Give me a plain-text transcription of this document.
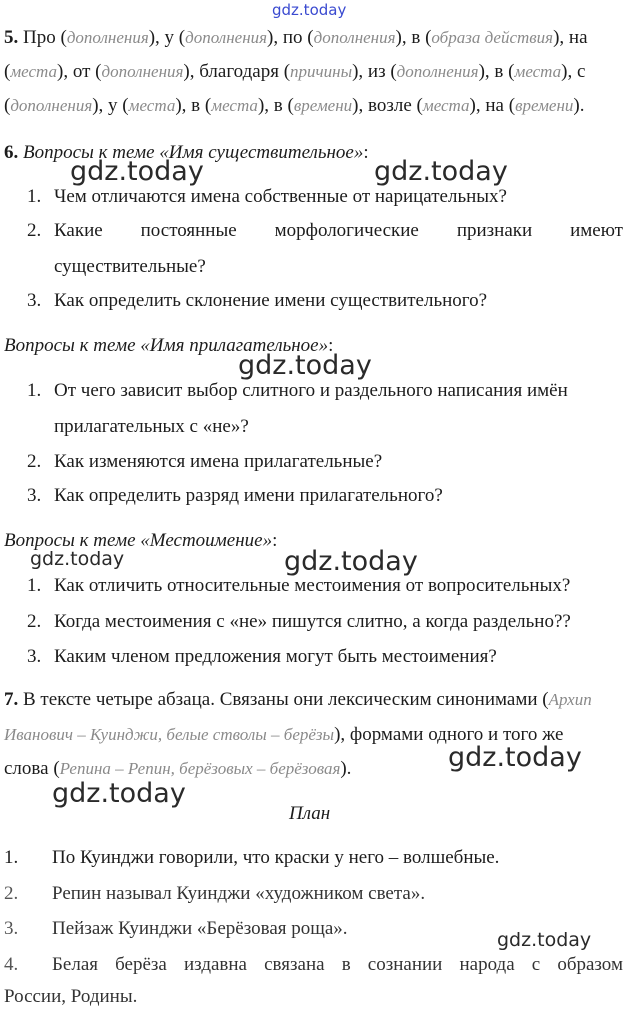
gdz.today
gdz.today	gdz.today
gdz.today
gdz.today	gdz.today
gdz.today
gdz.today
gdz.today
5. Про (дополнения), у (дополнения), по (дополнения), в (образа действия), на
(места), от (дополнения), благодаря (причины), из (дополнения), в (места), с
(дополнения), у (места), в (места), в (времени), возле (места), на (времени).
6. Вопросы к теме «Имя существительное»:
1. Чем отличаются имена собственные от нарицательных?
2. Какие постоянные морфологические признаки имеют
существительные?
3. Как определить склонение имени существительного?
Вопросы к теме «Имя прилагательное»:
1. От чего зависит выбор слитного и раздельного написания имён
прилагательных с «не»?
2. Как изменяются имена прилагательные?
3. Как определить разряд имени прилагательного?
Вопросы к теме «Местоимение»:
1. Как отличить относительные местоимения от вопросительных?
2. Когда местоимения с «не» пишутся слитно, а когда раздельно??
3. Каким членом предложения могут быть местоимения?
7. В тексте четыре абзаца. Связаны они лексическим синонимами (Архип
Иванович – Куинджи, белые стволы – берёзы), формами одного и того же
слова (Репина – Репин, берёзовых – берёзовая).
План
1. По Куинджи говорили, что краски у него – волшебные.
2. Репин называл Куинджи «художником света».
3. Пейзаж Куинджи «Берёзовая роща».
4. Белая берёза издавна связана в сознании народа с образом
России, Родины.
